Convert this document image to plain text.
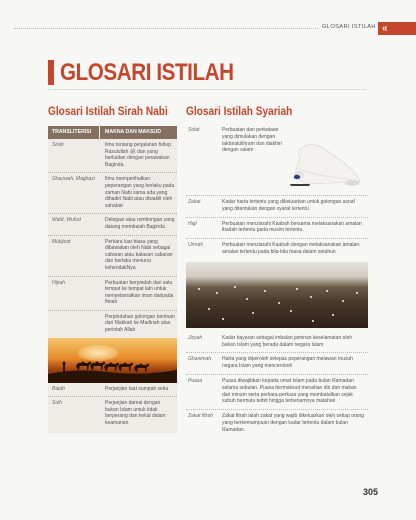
GLOSARI ISTILAH «
GLOSARI ISTILAH
Glosari Istilah Sirah Nabi Glosari Istilah Syariah
TRANSLITERISI	MAKNA DAN MAKSUD
Sirah	Ilmu tentang perjalanan hidup Rasulullah ﷺ dan yang berkaitan dengan perawakan Baginda.
Ghazwah, Maghazi	Ilmu memperihalkan peperangan yang berlaku pada zaman Nabi sama ada yang dihadiri Nabi atau diwakili oleh sahabat
Wafd, Wufud	Delegasi atau rombongan yang datang membaiah Baginda
Mukjizat	Perkara luar biasa yang dibawakan oleh Nabi sebagai cabaran atau balasan cabaran dan berlaku menurut kehendakNya
Hijrah	Perbuatan berpindah dari satu tempat ke tempat lain untuk menyelamatkan iman daripada fitnah
Perpindahan golongan beriman dari Makkah ke Madinah atas perintah Allah
Baiah	Perjanjian taat sumpah setia
Sulh	Perjanjian damai dengan bukan Islam untuk tidak berperang dan kekal dalam keamanan
Solat	Perbuatan dan perkataan yang dimulakan dengan takbiratulihram dan diakhiri dengan salam
Zakat	Kadar harta tertentu yang dikeluarkan untuk golongan asnaf yang ditentukan dengan syarat tertentu
Haji	Perbuatan menziarahi Kaabah bersama melaksanakan amalan ibadah tertentu pada musim tertentu
Umrah	Perbuatan menziarahi Kaabah dengan melaksanakan amalan-amalan tertentu pada bila-bila masa dalam setahun
Jizyah	Kadar bayaran sebagai imbalan jaminan keselamatan oleh bukan Islam yang berada dalam negara Islam
Ghanimah	Harta yang diperoleh selepas peperangan melawan musuh negara Islam yang menceroboh
Puasa	Puasa diwajibkan kepada umat Islam pada bulan Ramadan selama sebulan. Puasa bermaksud menahan diri dan makan dan minum serta perkara-perkara yang membatalkan sejak subuh bermula terbit hingga terbenamnya matahari.
Zakat fitrah	Zakat fitrah ialah zakat yang wajib dikeluarkan oleh setiap orang yang berkemampuan dengan kadar tertentu dalam bulan Ramadan.
305
